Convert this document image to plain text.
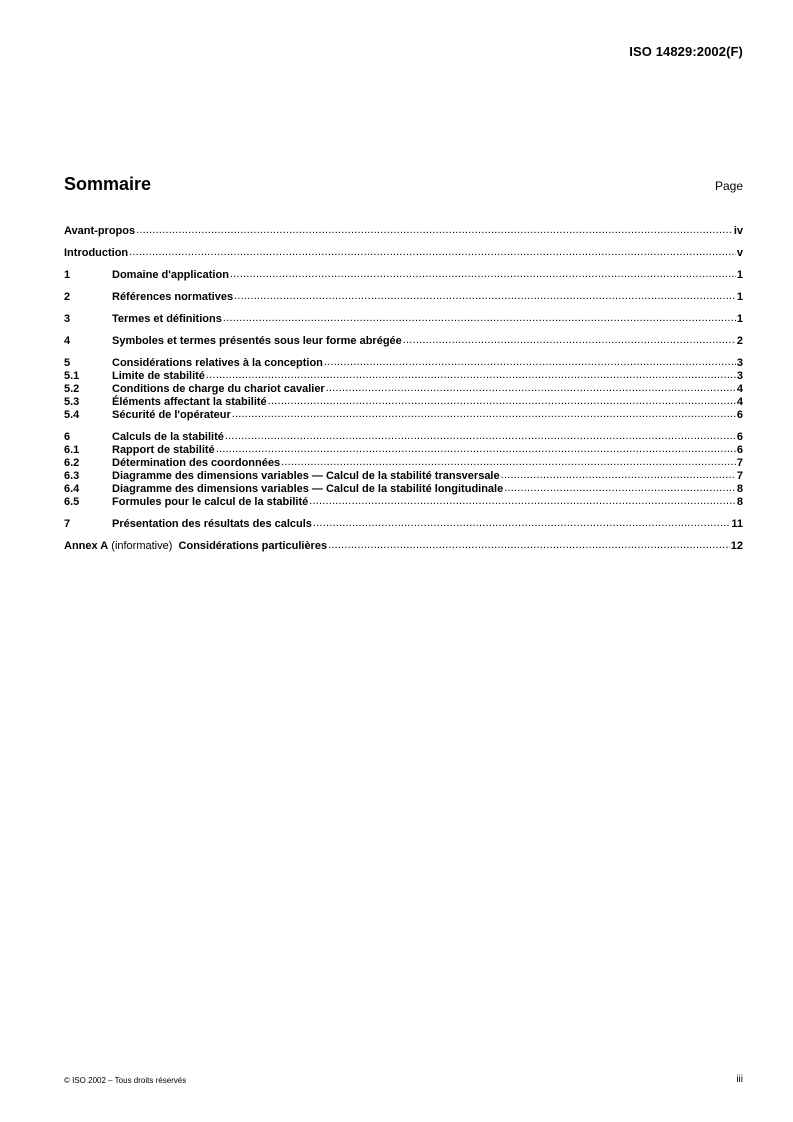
ISO 14829:2002(F)
Sommaire	Page
Avant-propos .....	iv
Introduction .....	v
1	Domaine d'application .....	1
2	Références normatives .....	1
3	Termes et définitions .....	1
4	Symboles et termes présentés sous leur forme abrégée .....	2
5	Considérations relatives à la conception .....	3
5.1	Limite de stabilité .....	3
5.2	Conditions de charge du chariot cavalier .....	4
5.3	Éléments affectant la stabilité .....	4
5.4	Sécurité de l'opérateur .....	6
6	Calculs de la stabilité .....	6
6.1	Rapport de stabilité .....	6
6.2	Détermination des coordonnées .....	7
6.3	Diagramme des dimensions variables — Calcul de la stabilité transversale .....	7
6.4	Diagramme des dimensions variables — Calcul de la stabilité longitudinale .....	8
6.5	Formules pour le calcul de la stabilité .....	8
7	Présentation des résultats des calculs .....	11
Annex A (informative) Considérations particulières .....	12
© ISO 2002 – Tous droits réservés	iii
